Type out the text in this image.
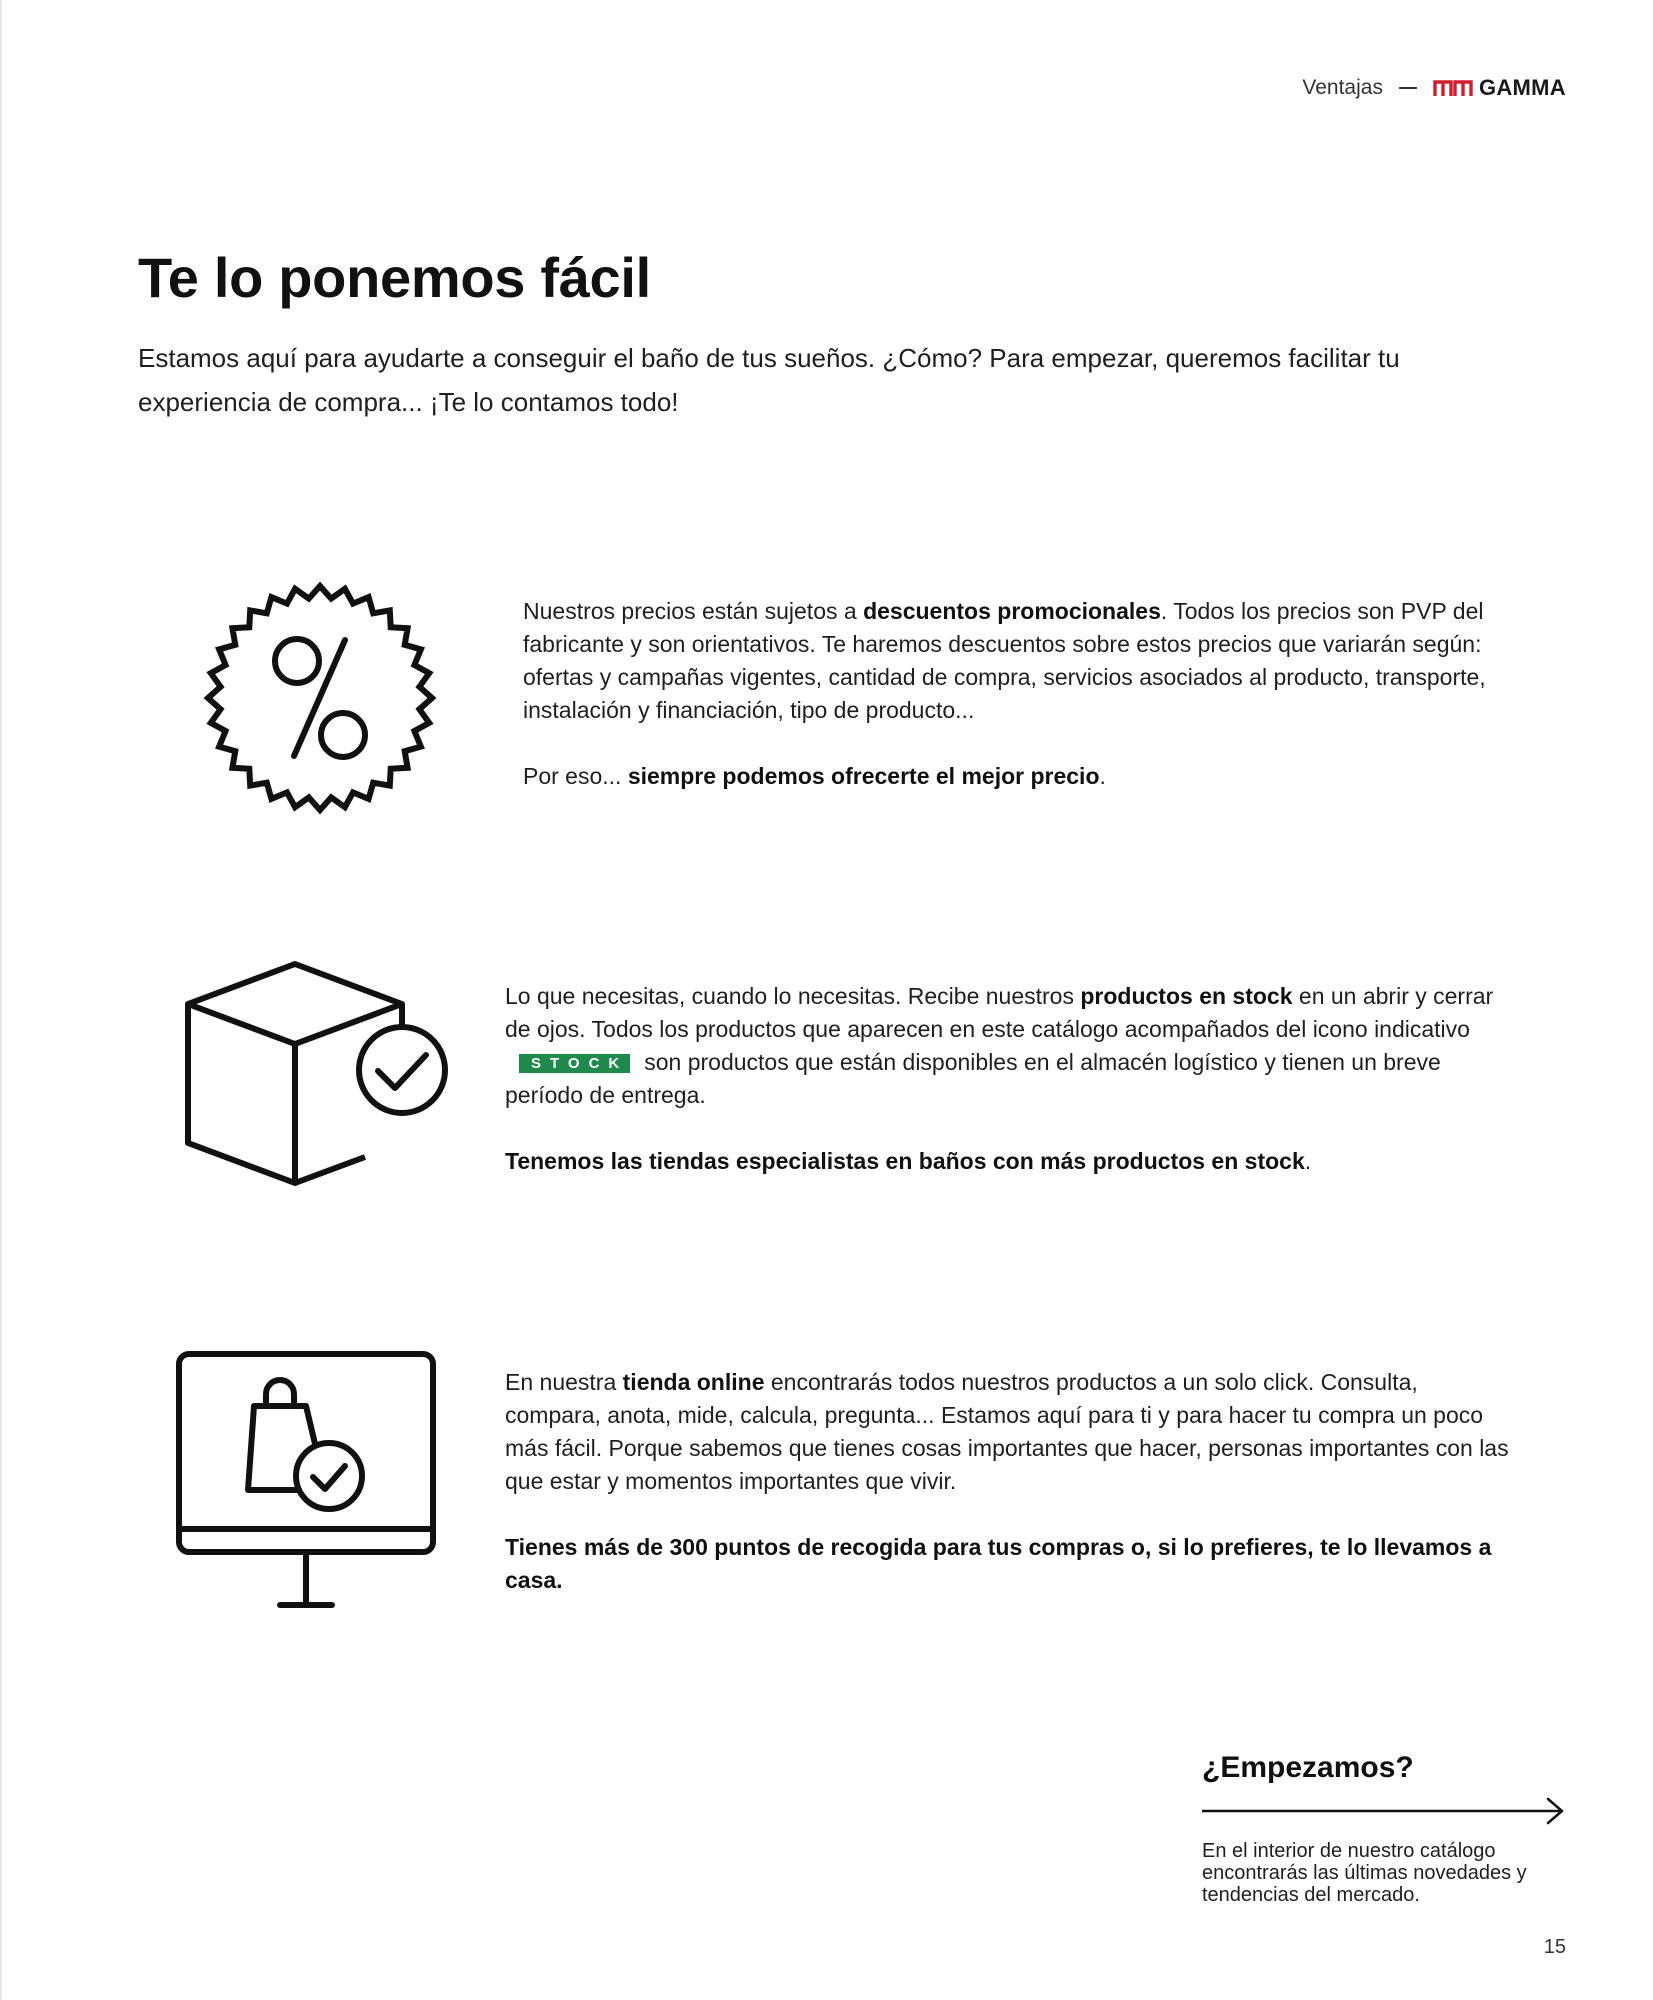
Ventajas	GAMMA
Te lo ponemos fácil

Estamos aquí para ayudarte a conseguir el baño de tus sueños. ¿Cómo? Para empezar, queremos facilitar tu experiencia de compra... ¡Te lo contamos todo!

Nuestros precios están sujetos a descuentos promocionales. Todos los precios son PVP del fabricante y son orientativos. Te haremos descuentos sobre estos precios que variarán según: ofertas y campañas vigentes, cantidad de compra, servicios asociados al producto, transporte, instalación y financiación, tipo de producto...

Por eso... siempre podemos ofrecerte el mejor precio.

Lo que necesitas, cuando lo necesitas. Recibe nuestros productos en stock en un abrir y cerrar de ojos. Todos los productos que aparecen en este catálogo acompañados del icono indicativoSTOCK son productos que están disponibles en el almacén logístico y tienen un breve período de entrega.

Tenemos las tiendas especialistas en baños con más productos en stock.

En nuestra tienda online encontrarás todos nuestros productos a un solo click. Consulta, compara, anota, mide, calcula, pregunta... Estamos aquí para ti y para hacer tu compra un poco más fácil. Porque sabemos que tienes cosas importantes que hacer, personas importantes con las que estar y momentos importantes que vivir.

Tienes más de 300 puntos de recogida para tus compras o, si lo prefieres, te lo llevamos a casa.

¿Empezamos?
En el interior de nuestro catálogo encontrarás las últimas novedades y tendencias del mercado.
15
